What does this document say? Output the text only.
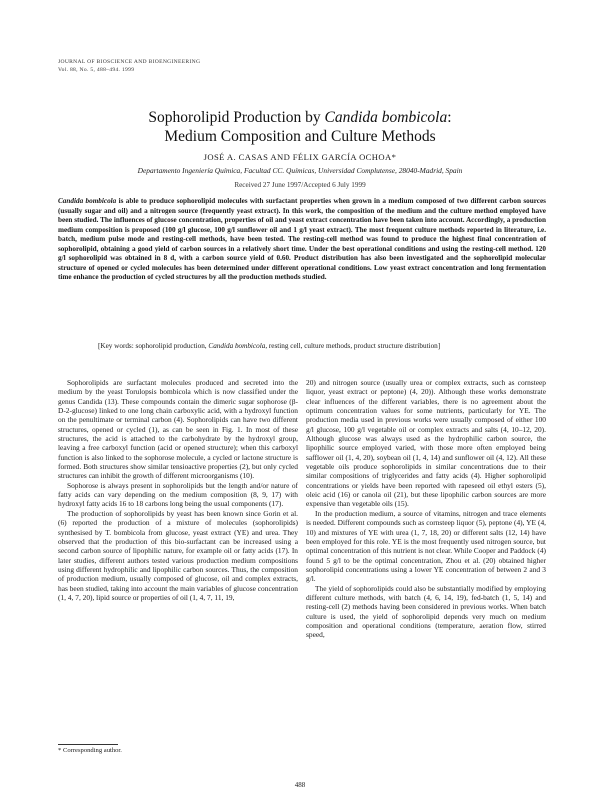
JOURNAL OF BIOSCIENCE AND BIOENGINEERING
Vol. 88, No. 5, 488–494. 1999
Sophorolipid Production by Candida bombicola:
Medium Composition and Culture Methods
JOSÉ A. CASAS AND FÉLIX GARCÍA OCHOA*
Departamento Ingeniería Química, Facultad CC. Químicas, Universidad Complutense, 28040-Madrid, Spain
Received 27 June 1997/Accepted 6 July 1999
Candida bombicola is able to produce sophorolipid molecules with surfactant properties when grown in a medium composed of two different carbon sources (usually sugar and oil) and a nitrogen source (frequently yeast extract). In this work, the composition of the medium and the culture method employed have been studied. The influences of glucose concentration, properties of oil and yeast extract concentration have been taken into account. Accordingly, a production medium composition is proposed (100 g/l glucose, 100 g/l sunflower oil and 1 g/l yeast extract). The most frequent culture methods reported in literature, i.e. batch, medium pulse mode and resting-cell methods, have been tested. The resting-cell method was found to produce the highest final concentration of sophorolipid, obtaining a good yield of carbon sources in a relatively short time. Under the best operational conditions and using the resting-cell method. 120 g/l sophorolipid was obtained in 8 d, with a carbon source yield of 0.60. Product distribution has also been investigated and the sophorolipid molecular structure of opened or cycled molecules has been determined under different operational conditions. Low yeast extract concentration and long fermentation time enhance the production of cycled structures by all the production methods studied.
[Key words: sophorolipid production, Candida bombicola, resting cell, culture methods, product structure distribution]

Sophorolipids are surfactant molecules produced and secreted into the medium by the yeast Torulopsis bombicola which is now classified under the genus Candida (13). These compounds contain the dimeric sugar sophorose (β-D-2-glucose) linked to one long chain carboxylic acid, with a hydroxyl function on the penultimate or terminal carbon (4). Sophorolipids can have two different structures, opened or cycled (1), as can be seen in Fig. 1. In most of these structures, the acid is attached to the carbohydrate by the hydroxyl group, leaving a free carboxyl function (acid or opened structure); when this carboxyl function is also linked to the sophorose molecule, a cycled or lactone structure is formed. Both structures show similar tensioactive properties (2), but only cycled structures can inhibit the growth of different microorganisms (10).

Sophorose is always present in sophorolipids but the length and/or nature of fatty acids can vary depending on the medium composition (8, 9, 17) with hydroxyl fatty acids 16 to 18 carbons long being the usual components (17).

The production of sophorolipids by yeast has been known since Gorin et al. (6) reported the production of a mixture of molecules (sophorolipids) synthesised by T. bombicola from glucose, yeast extract (YE) and urea. They observed that the production of this bio-surfactant can be increased using a second carbon source of lipophilic nature, for example oil or fatty acids (17). In later studies, different authors tested various production medium compositions using different hydrophilic and lipophilic carbon sources. Thus, the composition of production medium, usually composed of glucose, oil and complex extracts, has been studied, taking into account the main variables of glucose concentration (1, 4, 7, 20), lipid source or properties of oil (1, 4, 7, 11, 19,

20) and nitrogen source (usually urea or complex extracts, such as cornsteep liquor, yeast extract or peptone) (4, 20)). Although these works demonstrate clear influences of the different variables, there is no agreement about the optimum concentration values for some nutrients, particularly for YE. The production media used in previous works were usually composed of either 100 g/l glucose, 100 g/l vegetable oil or complex extracts and salts (4, 10–12, 20). Although glucose was always used as the hydrophilic carbon source, the lipophilic source employed varied, with those more often employed being safflower oil (1, 4, 20), soybean oil (1, 4, 14) and sunflower oil (4, 12). All these vegetable oils produce sophorolipids in similar concentrations due to their similar compositions of triglycerides and fatty acids (4). Higher sophorolipid concentrations or yields have been reported with rapeseed oil ethyl esters (5), oleic acid (16) or canola oil (21), but these lipophilic carbon sources are more expensive than vegetable oils (15).

In the production medium, a source of vitamins, nitrogen and trace elements is needed. Different compounds such as cornsteep liquor (5), peptone (4), YE (4, 10) and mixtures of YE with urea (1, 7, 18, 20) or different salts (12, 14) have been employed for this role. YE is the most frequently used nitrogen source, but optimal concentration of this nutrient is not clear. While Cooper and Paddock (4) found 5 g/l to be the optimal concentration, Zhou et al. (20) obtained higher sophorolipid concentrations using a lower YE concentration of between 2 and 3 g/l.

The yield of sophorolipids could also be substantially modified by employing different culture methods, with batch (4, 6, 14, 19), fed-batch (1, 5, 14) and resting-cell (2) methods having been considered in previous works. When batch culture is used, the yield of sophorolipid depends very much on medium composition and operational conditions (temperature, aeration flow, stirred speed,

* Corresponding author.
488
